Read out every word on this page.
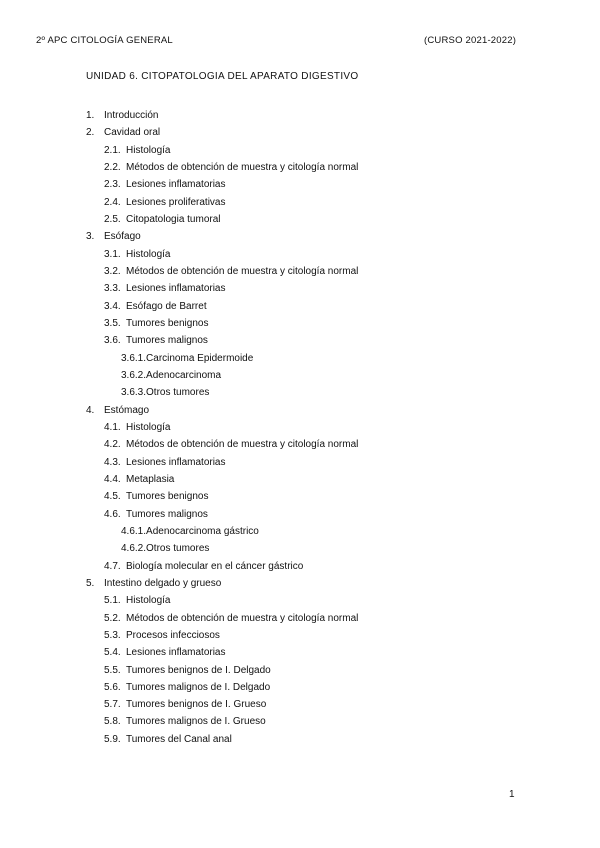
2º APC CITOLOGÍA GENERAL	(CURSO 2021-2022)
UNIDAD 6. CITOPATOLOGIA DEL APARATO DIGESTIVO
1. Introducción
2. Cavidad oral
2.1. Histología
2.2. Métodos de obtención de muestra y citología normal
2.3. Lesiones inflamatorias
2.4. Lesiones proliferativas
2.5. Citopatologia tumoral
3. Esófago
3.1. Histología
3.2. Métodos de obtención de muestra y citología normal
3.3. Lesiones inflamatorias
3.4. Esófago de Barret
3.5. Tumores benignos
3.6. Tumores malignos
3.6.1.Carcinoma Epidermoide
3.6.2.Adenocarcinoma
3.6.3.Otros tumores
4. Estómago
4.1. Histología
4.2. Métodos de obtención de muestra y citología normal
4.3. Lesiones inflamatorias
4.4. Metaplasia
4.5. Tumores benignos
4.6. Tumores malignos
4.6.1.Adenocarcinoma gástrico
4.6.2.Otros tumores
4.7. Biología molecular en el cáncer gástrico
5. Intestino delgado y grueso
5.1. Histología
5.2. Métodos de obtención de muestra y citología normal
5.3. Procesos infecciosos
5.4. Lesiones inflamatorias
5.5. Tumores benignos de I. Delgado
5.6. Tumores malignos de I. Delgado
5.7. Tumores benignos de I. Grueso
5.8. Tumores malignos de I. Grueso
5.9. Tumores del Canal anal
1
